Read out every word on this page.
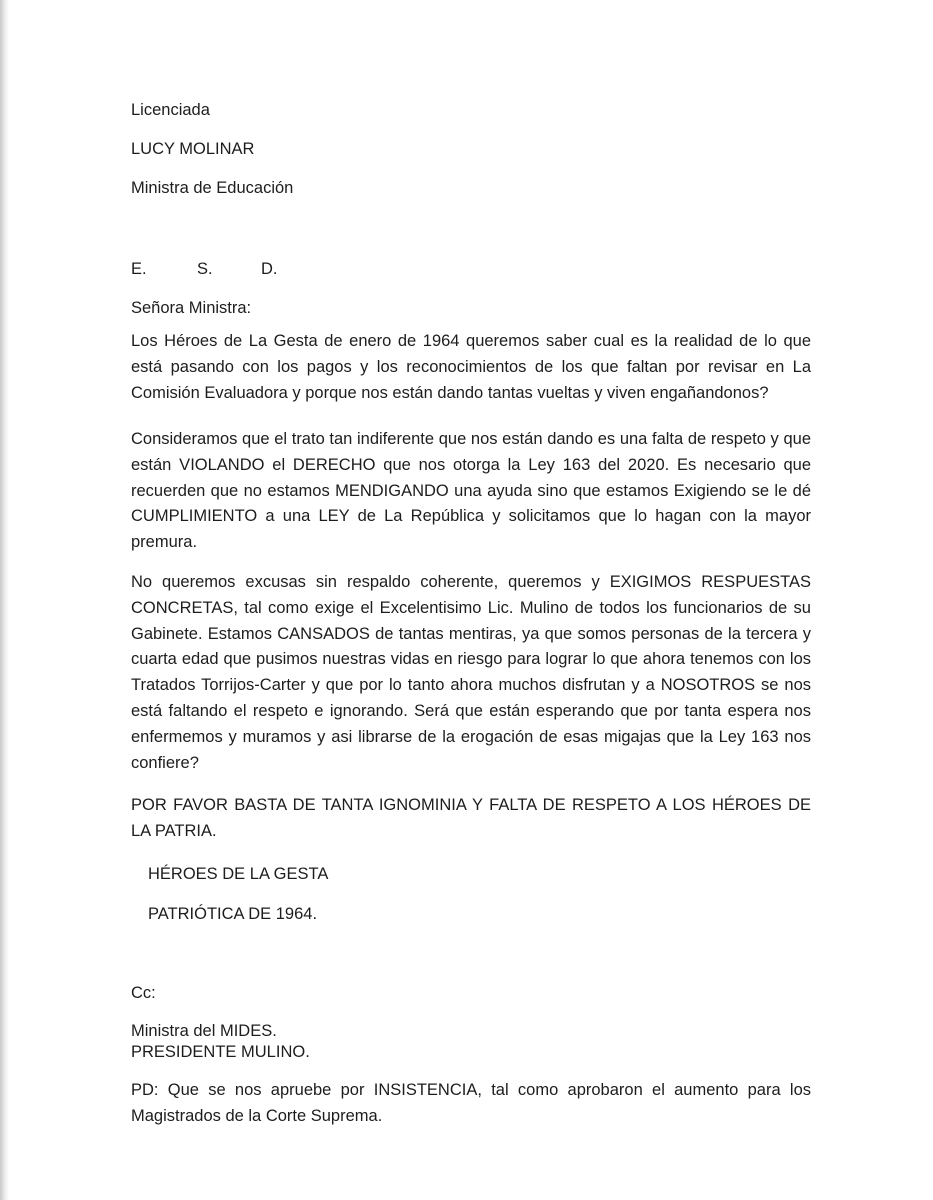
Licenciada

LUCY MOLINAR

Ministra de Educación

E.	S.	D.

Señora Ministra:

Los Héroes de La Gesta de enero de 1964 queremos saber cual es la realidad de lo que está pasando con los pagos y los reconocimientos de los que faltan por revisar en La Comisión Evaluadora y porque nos están dando tantas vueltas y viven engañandonos?

Consideramos que el trato tan indiferente que nos están dando es una falta de respeto y que están VIOLANDO el DERECHO que nos otorga la Ley 163 del 2020. Es necesario que recuerden que no estamos MENDIGANDO una ayuda sino que estamos Exigiendo se le dé CUMPLIMIENTO a una LEY de La República y solicitamos que lo hagan con la mayor premura.

No queremos excusas sin respaldo coherente, queremos y EXIGIMOS RESPUESTAS CONCRETAS, tal como exige el Excelentisimo Lic. Mulino de todos los funcionarios de su Gabinete. Estamos CANSADOS de tantas mentiras, ya que somos personas de la tercera y cuarta edad que pusimos nuestras vidas en riesgo para lograr lo que ahora tenemos con los Tratados Torrijos-Carter y que por lo tanto ahora muchos disfrutan y a NOSOTROS se nos está faltando el respeto e ignorando. Será que están esperando que por tanta espera nos enfermemos y muramos y asi librarse de la erogación de esas migajas que la Ley 163 nos confiere?

POR FAVOR BASTA DE TANTA IGNOMINIA Y FALTA DE RESPETO A LOS HÉROES DE LA PATRIA.

HÉROES DE LA GESTA

PATRIÓTICA DE 1964.

Cc:

Ministra del MIDES.

PRESIDENTE MULINO.

PD: Que se nos apruebe por INSISTENCIA, tal como aprobaron el aumento para los Magistrados de la Corte Suprema.
